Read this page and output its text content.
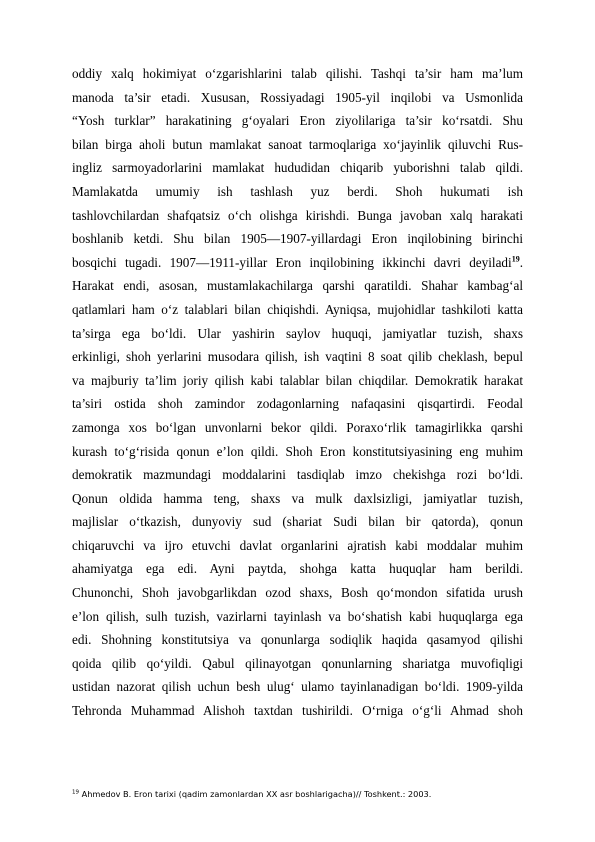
oddiy xalq hokimiyat o‘zgarishlarini talab qilishi. Tashqi ta’sir ham ma’lum
manoda ta’sir etadi. Xususan, Rossiyadagi 1905-yil inqilobi va Usmonlida
“Yosh turklar” harakatining g‘oyalari Eron ziyolilariga ta’sir ko‘rsatdi. Shu
bilan birga aholi butun mamlakat sanoat tarmoqlariga xo‘jayinlik qiluvchi Rus-
ingliz sarmoyadorlarini mamlakat hududidan chiqarib yuborishni talab qildi.
Mamlakatda umumiy ish tashlash yuz berdi. Shoh hukumati ish
tashlovchilardan shafqatsiz o‘ch olishga kirishdi. Bunga javoban xalq harakati
boshlanib ketdi. Shu bilan 1905—1907-yillardagi Eron inqilobining birinchi
bosqichi tugadi. 1907—1911-yillar Eron inqilobining ikkinchi davri deyiladi$^{19}$.
Harakat endi, asosan, mustamlakachilarga qarshi qaratildi. Shahar kambag‘al
qatlamlari ham o‘z talablari bilan chiqishdi. Ayniqsa, mujohidlar tashkiloti katta
ta’sirga ega bo‘ldi. Ular yashirin saylov huquqi, jamiyatlar tuzish, shaxs
erkinligi, shoh yerlarini musodara qilish, ish vaqtini 8 soat qilib cheklash, bepul
va majburiy ta’lim joriy qilish kabi talablar bilan chiqdilar. Demokratik harakat
ta’siri ostida shoh zamindor zodagonlarning nafaqasini qisqartirdi. Feodal
zamonga xos bo‘lgan unvonlarni bekor qildi. Poraxo‘rlik tamagirlikka qarshi
kurash to‘g‘risida qonun e’lon qildi. Shoh Eron konstitutsiyasining eng muhim
demokratik mazmundagi moddalarini tasdiqlab imzo chekishga rozi bo‘ldi.
Qonun oldida hamma teng, shaxs va mulk daxlsizligi, jamiyatlar tuzish,
majlislar o‘tkazish, dunyoviy sud (shariat Sudi bilan bir qatorda), qonun
chiqaruvchi va ijro etuvchi davlat organlarini ajratish kabi moddalar muhim
ahamiyatga ega edi. Ayni paytda, shohga katta huquqlar ham berildi.
Chunonchi, Shoh javobgarlikdan ozod shaxs, Bosh qo‘mondon sifatida urush
e’lon qilish, sulh tuzish, vazirlarni tayinlash va bo‘shatish kabi huquqlarga ega
edi. Shohning konstitutsiya va qonunlarga sodiqlik haqida qasamyod qilishi
qoida qilib qo‘yildi. Qabul qilinayotgan qonunlarning shariatga muvofiqligi
ustidan nazorat qilish uchun besh ulug‘ ulamo tayinlanadigan bo‘ldi. 1909-yilda
Tehronda Muhammad Alishoh taxtdan tushirildi. O‘rniga o‘g‘li Ahmad shoh
$^{19}$ Ahmedov B. Eron tarixi (qadim zamonlardan XX asr boshlarigacha)// Toshkent.: 2003.
